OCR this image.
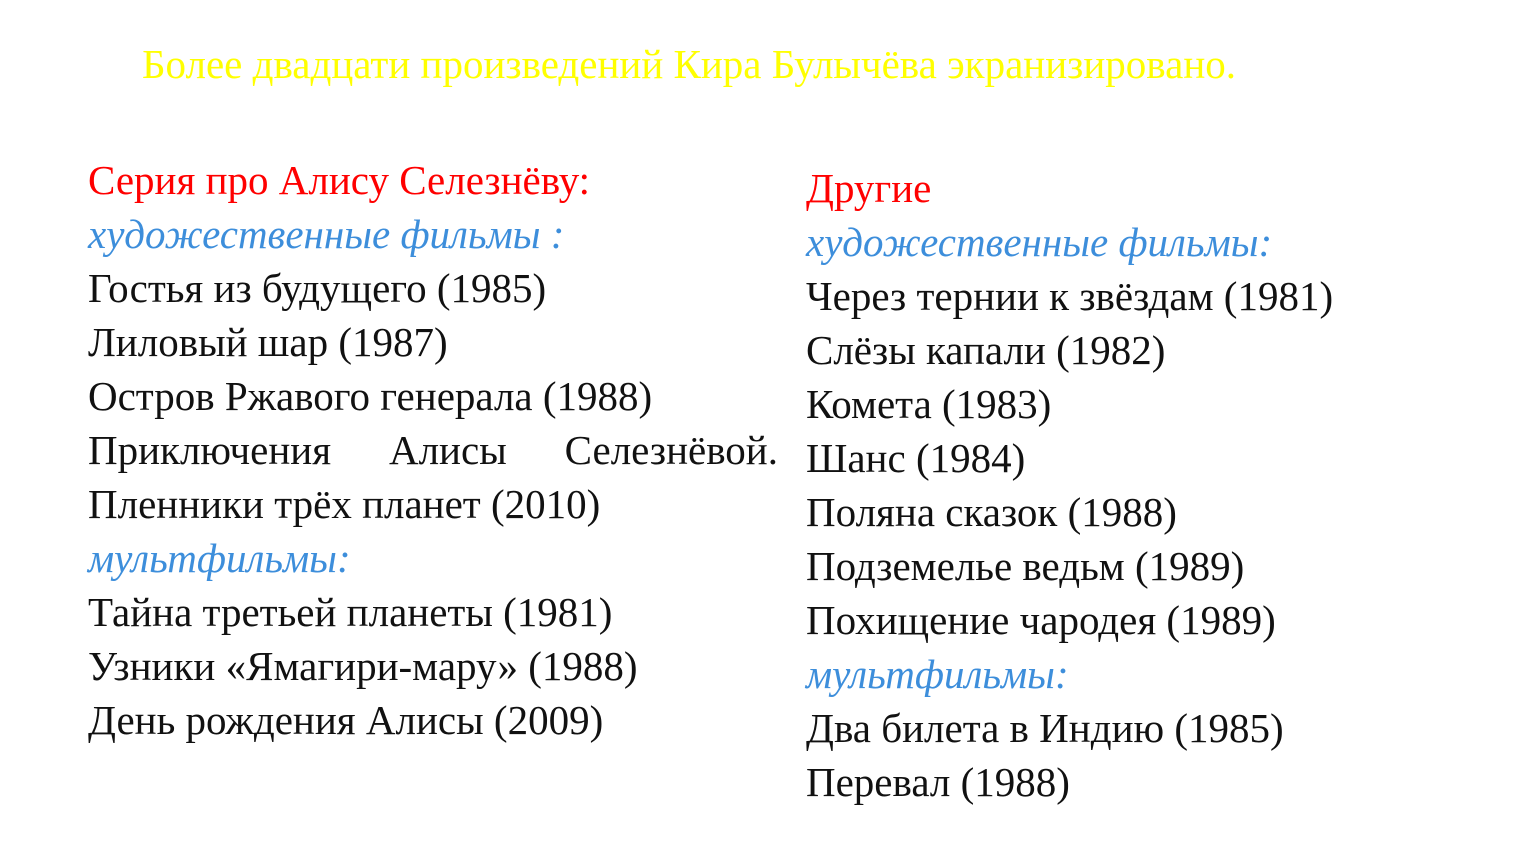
Более двадцати произведений Кира Булычёва экранизировано.
Серия про Алису Селезнёву:
художественные фильмы :
Гостья из будущего (1985)
Лиловый шар (1987)
Остров Ржавого генерала (1988)
Приключения Алисы Селезнёвой.
Пленники трёх планет (2010)
мультфильмы:
Тайна третьей планеты (1981)
Узники «Ямагири-мару» (1988)
День рождения Алисы (2009)
Другие
художественные фильмы:
Через тернии к звёздам (1981)
Слёзы капали (1982)
Комета (1983)
Шанс (1984)
Поляна сказок (1988)
Подземелье ведьм (1989)
Похищение чародея (1989)
мультфильмы:
Два билета в Индию (1985)
Перевал (1988)
